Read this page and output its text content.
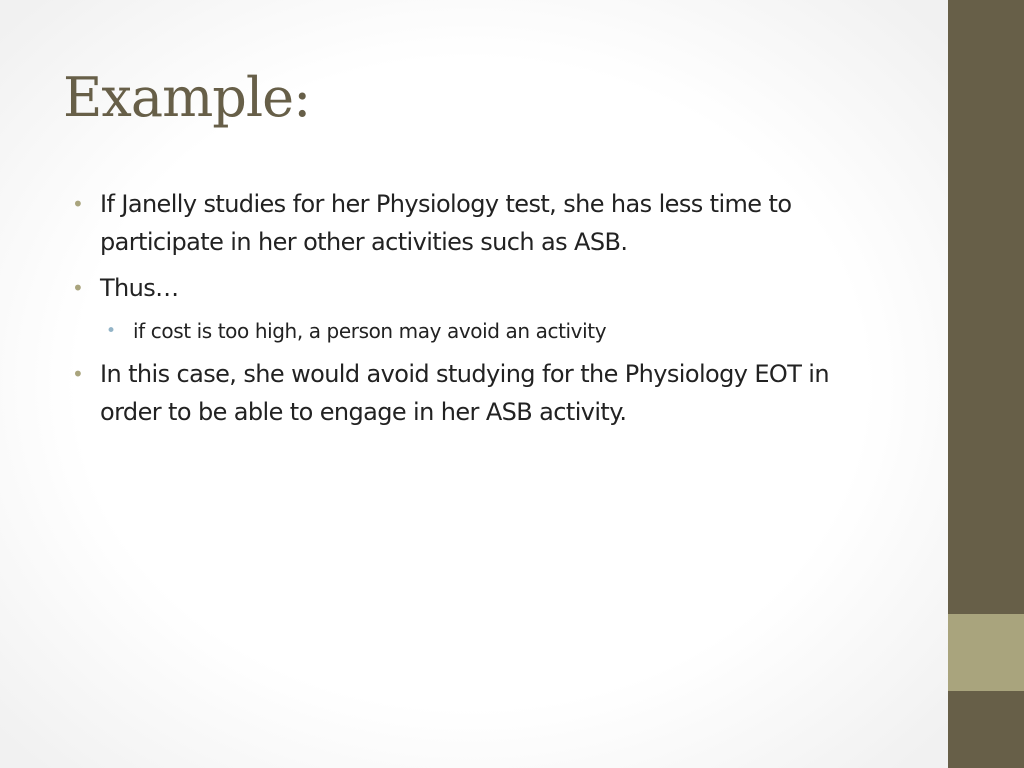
Example:

• If Janelly studies for her Physiology test, she has less time to participate in her other activities such as ASB.

• Thus…

• if cost is too high, a person may avoid an activity

• In this case, she would avoid studying for the Physiology EOT in order to be able to engage in her ASB activity.
